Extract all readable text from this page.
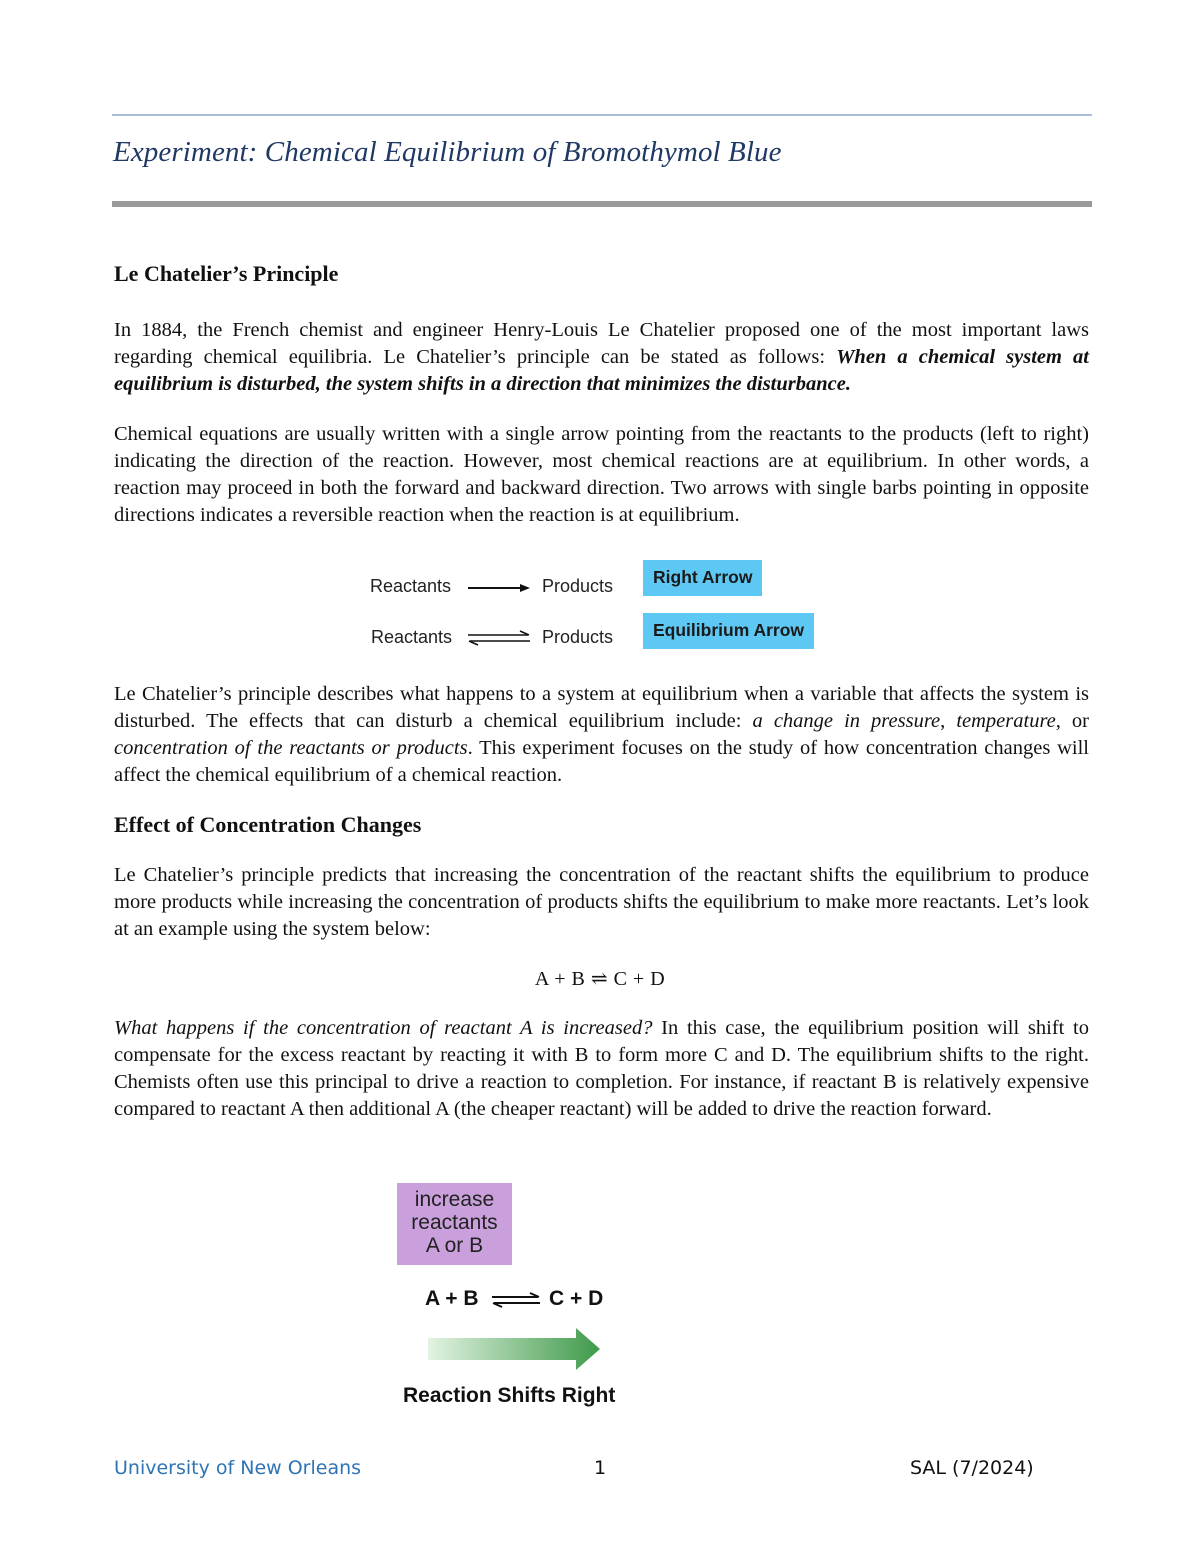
Experiment: Chemical Equilibrium of Bromothymol Blue
Le Chatelier’s Principle

In 1884, the French chemist and engineer Henry-Louis Le Chatelier proposed one of the most important laws regarding chemical equilibria. Le Chatelier’s principle can be stated as follows: When a chemical system at equilibrium is disturbed, the system shifts in a direction that minimizes the disturbance.

Chemical equations are usually written with a single arrow pointing from the reactants to the products (left to right) indicating the direction of the reaction. However, most chemical reactions are at equilibrium. In other words, a reaction may proceed in both the forward and backward direction. Two arrows with single barbs pointing in opposite directions indicates a reversible reaction when the reaction is at equilibrium.

Reactants	Products	Right Arrow
Reactants	Products	Equilibrium Arrow

Le Chatelier’s principle describes what happens to a system at equilibrium when a variable that affects the system is disturbed. The effects that can disturb a chemical equilibrium include: a change in pressure, temperature, or concentration of the reactants or products. This experiment focuses on the study of how concentration changes will affect the chemical equilibrium of a chemical reaction.

Effect of Concentration Changes

Le Chatelier’s principle predicts that increasing the concentration of the reactant shifts the equilibrium to produce more products while increasing the concentration of products shifts the equilibrium to make more reactants. Let’s look at an example using the system below:

A + B ⇌ C + D

What happens if the concentration of reactant A is increased? In this case, the equilibrium position will shift to compensate for the excess reactant by reacting it with B to form more C and D. The equilibrium shifts to the right. Chemists often use this principal to drive a reaction to completion. For instance, if reactant B is relatively expensive compared to reactant A then additional A (the cheaper reactant) will be added to drive the reaction forward.

increase
reactants
A or B
A + B	C + D
Reaction Shifts Right
University of New Orleans	1	SAL (7/2024)
